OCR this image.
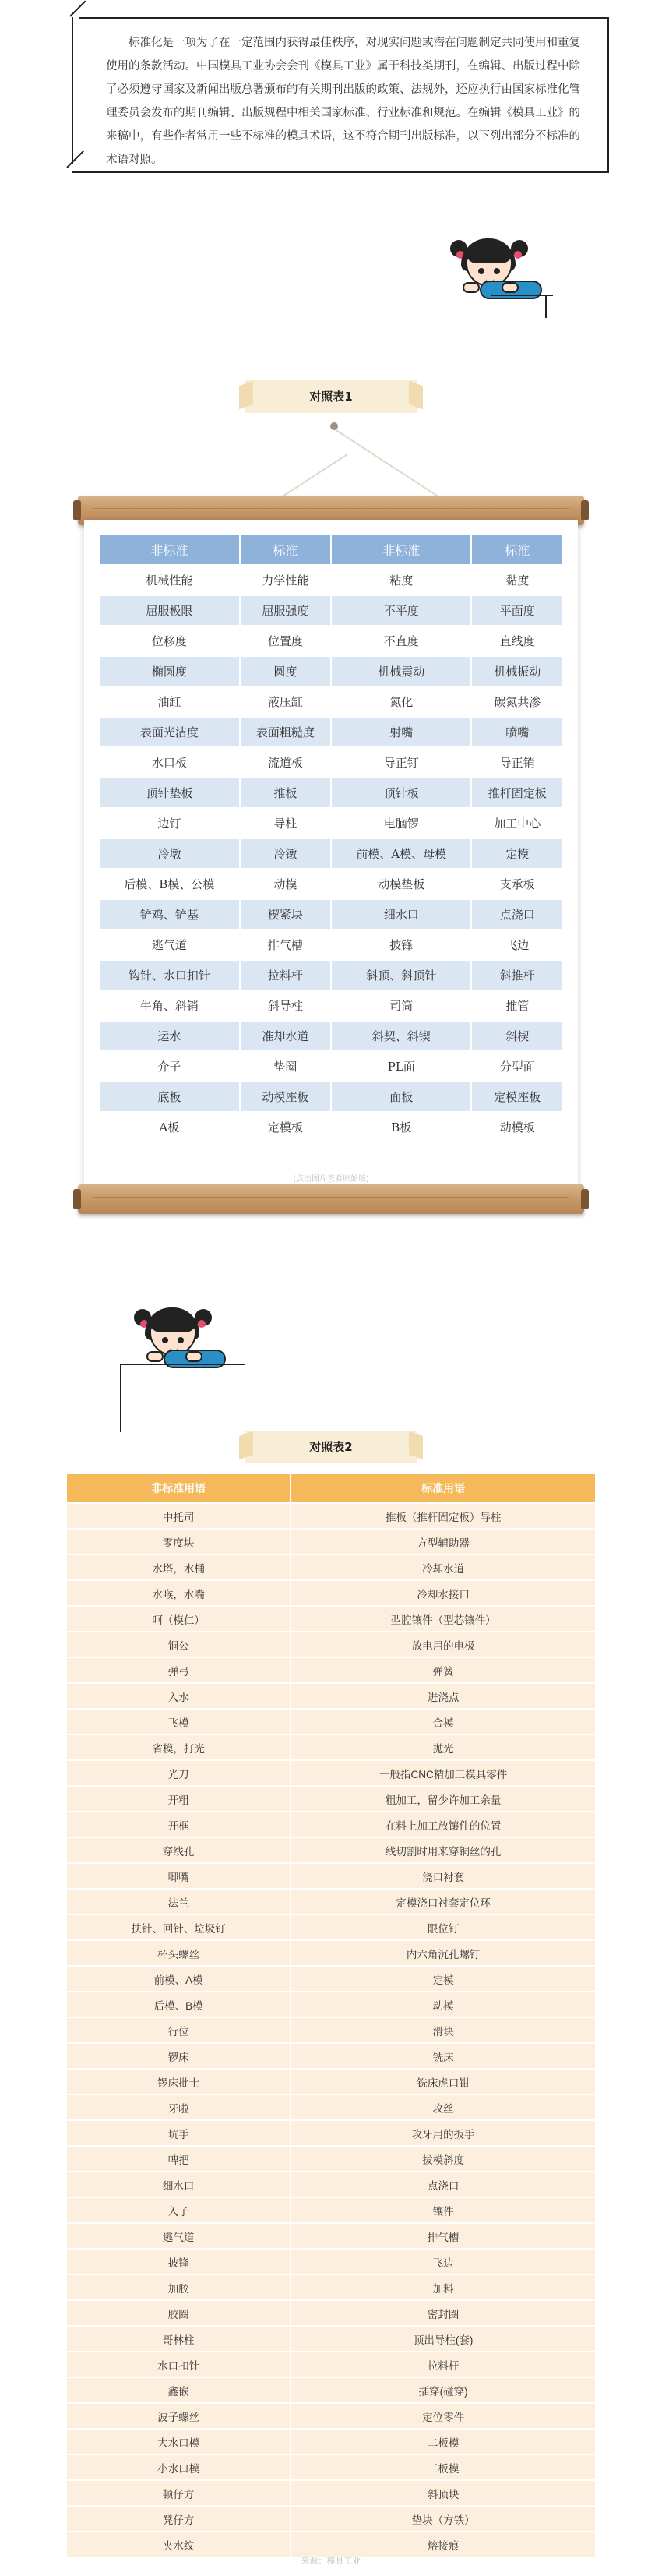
标准化是一项为了在一定范围内获得最佳秩序，对现实问题或潜在问题制定共同使用和重复使用的条款活动。中国模具工业协会会刊《模具工业》属于科技类期刊，在编辑、出版过程中除了必须遵守国家及新闻出版总署颁布的有关期刊出版的政策、法规外，还应执行由国家标准化管理委员会发布的期刊编辑、出版规程中相关国家标准、行业标准和规范。在编辑《模具工业》的来稿中，有些作者常用一些不标准的模具术语，这不符合期刊出版标准，以下列出部分不标准的术语对照。

对照表1
非标准	标准	非标准	标准
机械性能	力学性能	粘度	黏度
屈服极限	屈服强度	不平度	平面度
位移度	位置度	不直度	直线度
椭圆度	圆度	机械震动	机械振动
油缸	液压缸	氮化	碳氮共渗
表面光洁度	表面粗糙度	射嘴	喷嘴
水口板	流道板	导正钉	导正销
顶针垫板	推板	顶针板	推杆固定板
边钉	导柱	电脑锣	加工中心
冷墩	冷镦	前模、A模、母模	定模
后模、B模、公模	动模	动模垫板	支承板
铲鸡、铲基	楔紧块	细水口	点浇口
逃气道	排气槽	披锋	飞边
钩针、水口扣针	拉料杆	斜顶、斜顶针	斜推杆
牛角、斜销	斜导柱	司筒	推管
运水	准却水道	斜契、斜锲	斜楔
介子	垫圈	PL面	分型面
底板	动模座板	面板	定模座板
A板	定模板	B板	动模板
(点击图片查看原始版)
对照表2
非标准用语	标准用语
中托司	推板（推杆固定板）导柱
零度块	方型辅助器
水塔，水桶	冷却水道
水喉，水嘴	冷却水接口
呵（模仁）	型腔镶件（型芯镶件）
铜公	放电用的电极
弹弓	弹簧
入水	进浇点
飞模	合模
省模，打光	抛光
光刀	一般指CNC精加工模具零件
开粗	粗加工，留少许加工余量
开框	在料上加工放镶件的位置
穿线孔	线切割时用来穿铜丝的孔
唧嘴	浇口衬套
法兰	定模浇口衬套定位环
扶针、回针、垃圾钉	限位钉
杯头螺丝	内六角沉孔螺钉
前模、A模	定模
后模、B模	动模
行位	滑块
锣床	铣床
锣床批士	铣床虎口钳
牙啦	攻丝
坑手	攻牙用的扳手
啤把	拔模斜度
细水口	点浇口
入子	镶件
逃气道	排气槽
披锋	飞边
加胶	加料
胶圈	密封圈
哥林柱	顶出导柱(套)
水口扣针	拉料杆
鑫嵌	插穿(碰穿)
波子螺丝	定位零件
大水口模	二板模
小水口模	三板模
顿仔方	斜顶块
凳仔方	垫块（方铁）
夹水纹	熔接痕
来源：模具工业
